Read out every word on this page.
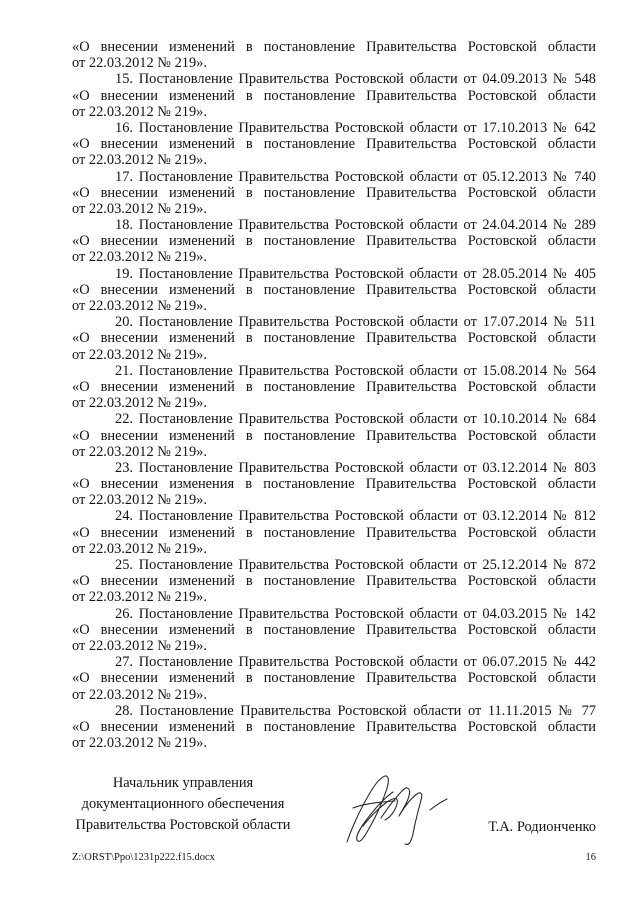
«О внесении изменений в постановление Правительства Ростовской области
от 22.03.2012 № 219».
15. Постановление Правительства Ростовской области от 04.09.2013 № 548
«О внесении изменений в постановление Правительства Ростовской области
от 22.03.2012 № 219».
16. Постановление Правительства Ростовской области от 17.10.2013 № 642
«О внесении изменений в постановление Правительства Ростовской области
от 22.03.2012 № 219».
17. Постановление Правительства Ростовской области от 05.12.2013 № 740
«О внесении изменений в постановление Правительства Ростовской области
от 22.03.2012 № 219».
18. Постановление Правительства Ростовской области от 24.04.2014 № 289
«О внесении изменений в постановление Правительства Ростовской области
от 22.03.2012 № 219».
19. Постановление Правительства Ростовской области от 28.05.2014 № 405
«О внесении изменений в постановление Правительства Ростовской области
от 22.03.2012 № 219».
20. Постановление Правительства Ростовской области от 17.07.2014 № 511
«О внесении изменений в постановление Правительства Ростовской области
от 22.03.2012 № 219».
21. Постановление Правительства Ростовской области от 15.08.2014 № 564
«О внесении изменений в постановление Правительства Ростовской области
от 22.03.2012 № 219».
22. Постановление Правительства Ростовской области от 10.10.2014 № 684
«О внесении изменений в постановление Правительства Ростовской области
от 22.03.2012 № 219».
23. Постановление Правительства Ростовской области от 03.12.2014 № 803
«О внесении изменения в постановление Правительства Ростовской области
от 22.03.2012 № 219».
24. Постановление Правительства Ростовской области от 03.12.2014 № 812
«О внесении изменений в постановление Правительства Ростовской области
от 22.03.2012 № 219».
25. Постановление Правительства Ростовской области от 25.12.2014 № 872
«О внесении изменений в постановление Правительства Ростовской области
от 22.03.2012 № 219».
26. Постановление Правительства Ростовской области от 04.03.2015 № 142
«О внесении изменений в постановление Правительства Ростовской области
от 22.03.2012 № 219».
27. Постановление Правительства Ростовской области от 06.07.2015 № 442
«О внесении изменений в постановление Правительства Ростовской области
от 22.03.2012 № 219».
28. Постановление Правительства Ростовской области от 11.11.2015 № 77
«О внесении изменений в постановление Правительства Ростовской области
от 22.03.2012 № 219».
Начальник управления
документационного обеспечения
Правительства Ростовской области	Т.А. Родионченко
Z:\ORST\Ppo\1231p222.f15.docx	16
